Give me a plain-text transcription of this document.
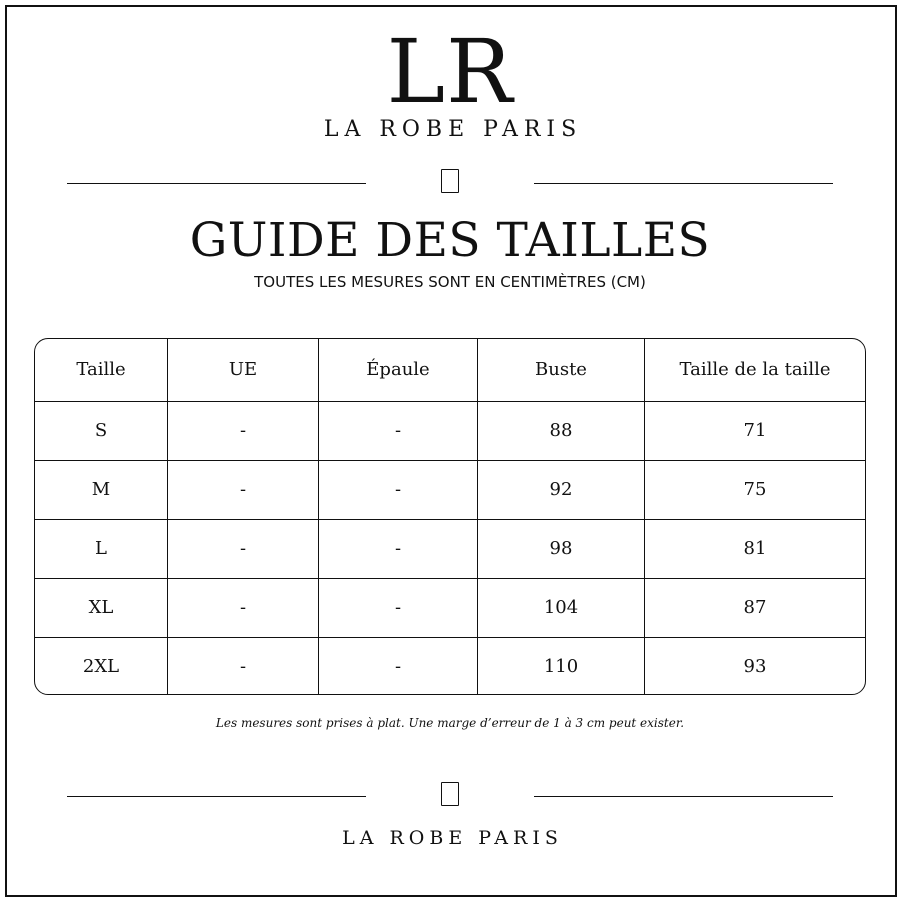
LR
LA ROBE PARIS
GUIDE DES TAILLES
TOUTES LES MESURES SONT EN CENTIMÈTRES (CM)
Taille	UE	Épaule	Buste	Taille de la taille
S	-	-	88	71
M	-	-	92	75
L	-	-	98	81
XL	-	-	104	87
2XL	-	-	110	93
Les mesures sont prises à plat. Une marge d’erreur de 1 à 3 cm peut exister.
LA ROBE PARIS
